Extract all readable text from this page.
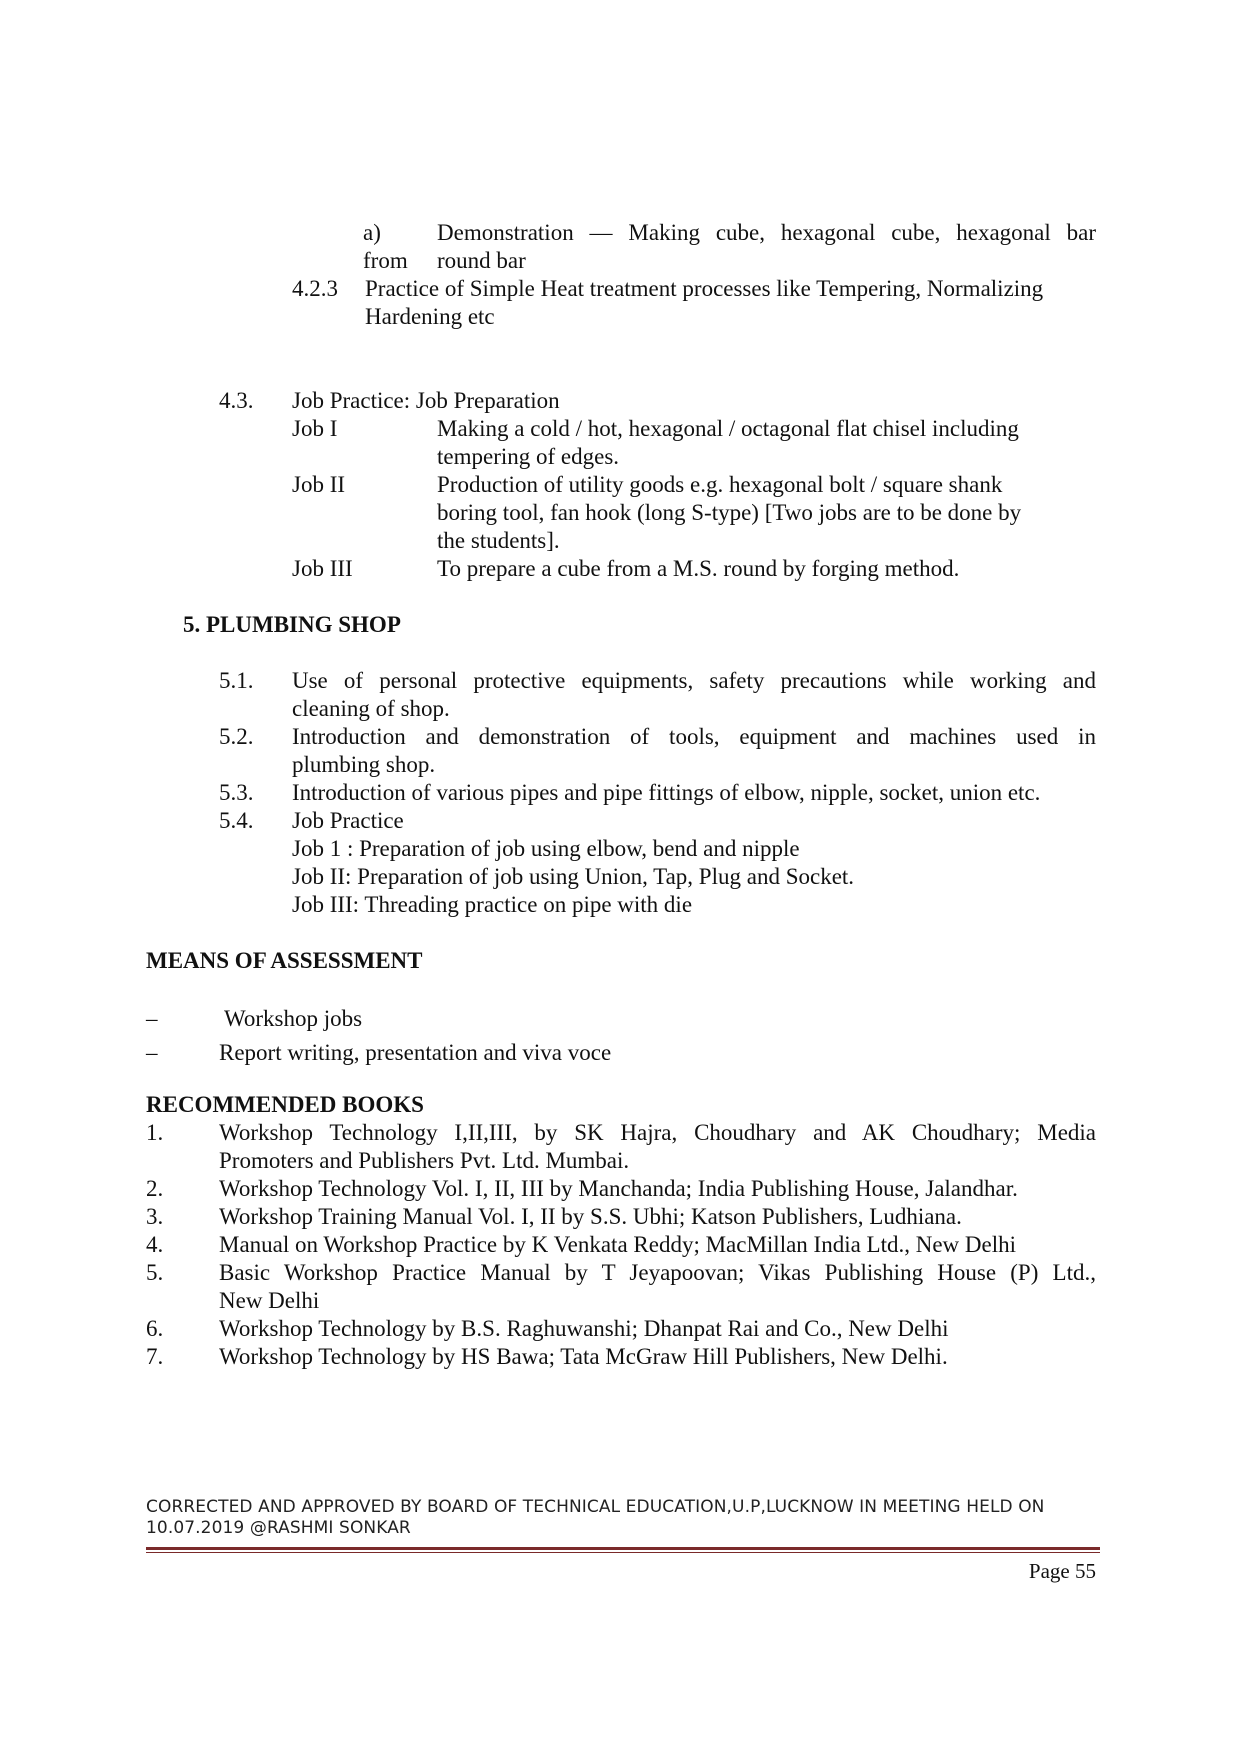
a) Demonstration — Making cube, hexagonal cube, hexagonal bar
from round bar
4.2.3 Practice of Simple Heat treatment processes like Tempering, Normalizing
Hardening etc
4.3. Job Practice: Job Preparation
Job I	Making a cold / hot, hexagonal / octagonal flat chisel including
tempering of edges.
Job II	Production of utility goods e.g. hexagonal bolt / square shank
boring tool, fan hook (long S-type) [Two jobs are to be done by
the students].
Job III	To prepare a cube from a M.S. round by forging method.
5. PLUMBING SHOP
5.1. Use of personal protective equipments, safety precautions while working and
cleaning of shop.
5.2. Introduction and demonstration of tools, equipment and machines used in
plumbing shop.
5.3. Introduction of various pipes and pipe fittings of elbow, nipple, socket, union etc.
5.4. Job Practice
Job 1 : Preparation of job using elbow, bend and nipple
Job II: Preparation of job using Union, Tap, Plug and Socket.
Job III: Threading practice on pipe with die
MEANS OF ASSESSMENT
–	Workshop jobs
–	Report writing, presentation and viva voce
RECOMMENDED BOOKS
1. Workshop Technology I,II,III, by SK Hajra, Choudhary and AK Choudhary; Media
Promoters and Publishers Pvt. Ltd. Mumbai.
2. Workshop Technology Vol. I, II, III by Manchanda; India Publishing House, Jalandhar.
3. Workshop Training Manual Vol. I, II by S.S. Ubhi; Katson Publishers, Ludhiana.
4. Manual on Workshop Practice by K Venkata Reddy; MacMillan India Ltd., New Delhi
5. Basic Workshop Practice Manual by T Jeyapoovan; Vikas Publishing House (P) Ltd.,
New Delhi
6. Workshop Technology by B.S. Raghuwanshi; Dhanpat Rai and Co., New Delhi
7. Workshop Technology by HS Bawa; Tata McGraw Hill Publishers, New Delhi.
CORRECTED AND APPROVED BY BOARD OF TECHNICAL EDUCATION,U.P,LUCKNOW IN MEETING HELD ON
10.07.2019 @RASHMI SONKAR
Page 55
